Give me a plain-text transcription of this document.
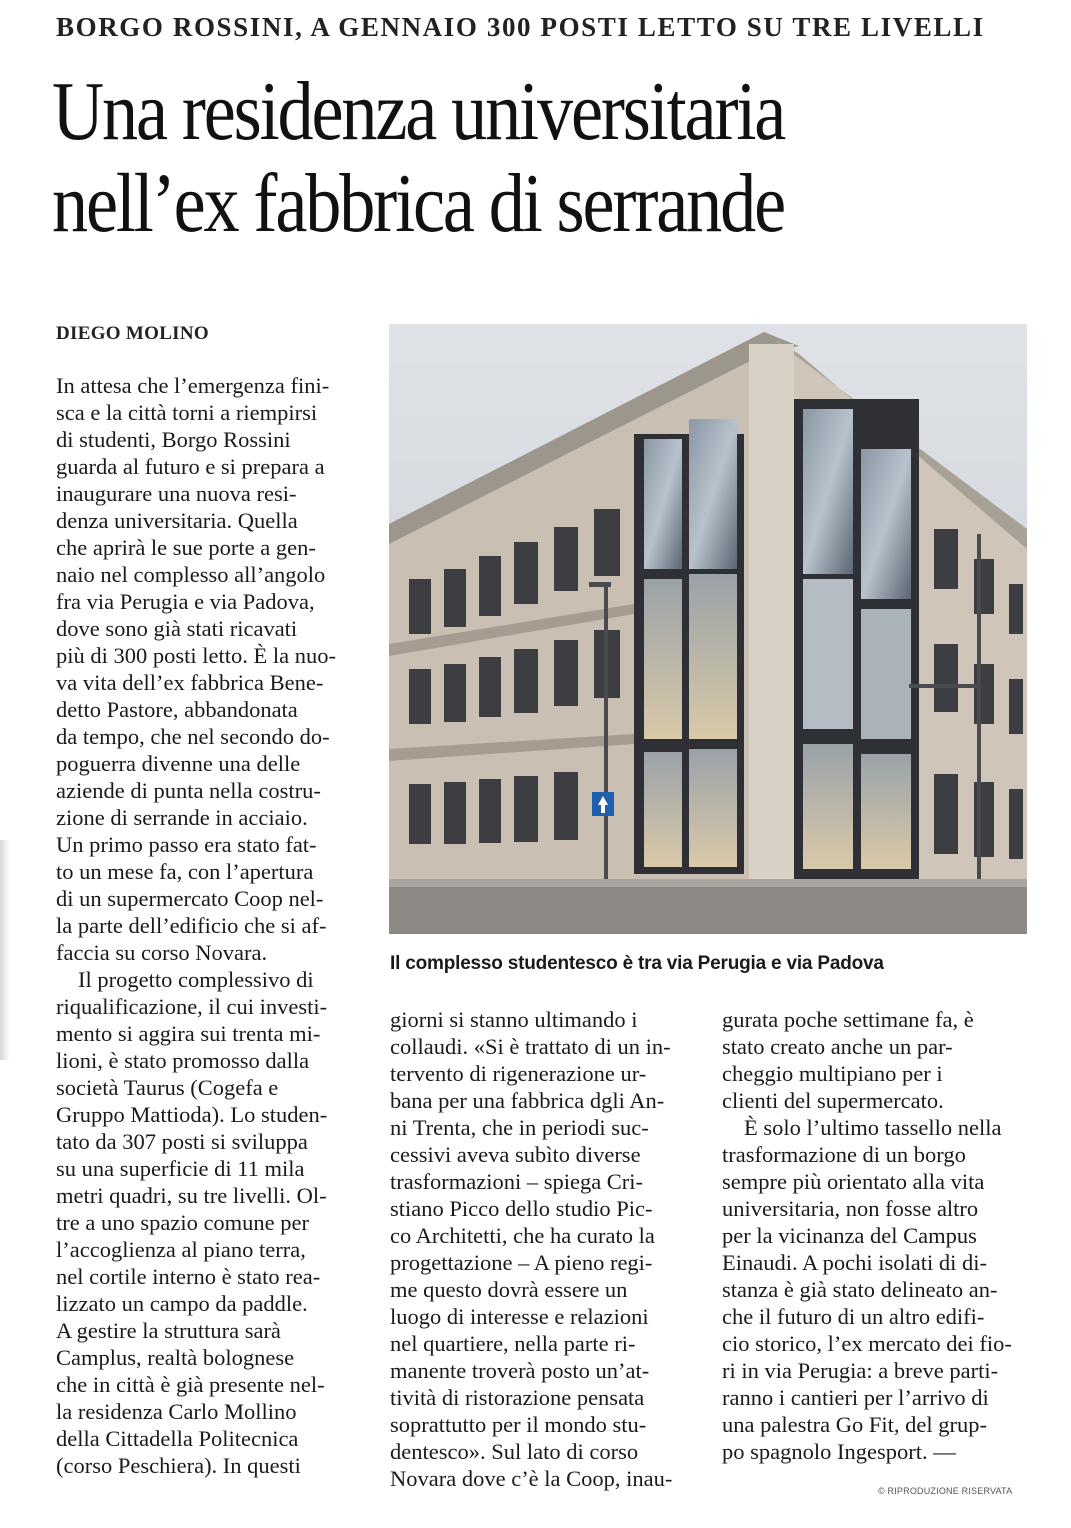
BORGO ROSSINI, A GENNAIO 300 POSTI LETTO SU TRE LIVELLI
Una residenza universitaria
nell’ex fabbrica di serrande
DIEGO MOLINO
In attesa che l’emergenza fini-
sca e la città torni a riempirsi
di studenti, Borgo Rossini
guarda al futuro e si prepara a
inaugurare una nuova resi-
denza universitaria. Quella
che aprirà le sue porte a gen-
naio nel complesso all’angolo
fra via Perugia e via Padova,
dove sono già stati ricavati
più di 300 posti letto. È la nuo-
va vita dell’ex fabbrica Bene-
detto Pastore, abbandonata
da tempo, che nel secondo do-
poguerra divenne una delle
aziende di punta nella costru-
zione di serrande in acciaio.
Un primo passo era stato fat-
to un mese fa, con l’apertura
di un supermercato Coop nel-
la parte dell’edificio che si af-
faccia su corso Novara.
Il progetto complessivo di
riqualificazione, il cui investi-
mento si aggira sui trenta mi-
lioni, è stato promosso dalla
società Taurus (Cogefa e
Gruppo Mattioda). Lo studen-
tato da 307 posti si sviluppa
su una superficie di 11 mila
metri quadri, su tre livelli. Ol-
tre a uno spazio comune per
l’accoglienza al piano terra,
nel cortile interno è stato rea-
lizzato un campo da paddle.
A gestire la struttura sarà
Camplus, realtà bolognese
che in città è già presente nel-
la residenza Carlo Mollino
della Cittadella Politecnica
(corso Peschiera). In questi
giorni si stanno ultimando i
collaudi. «Si è trattato di un in-
tervento di rigenerazione ur-
bana per una fabbrica dgli An-
ni Trenta, che in periodi suc-
cessivi aveva subìto diverse
trasformazioni – spiega Cri-
stiano Picco dello studio Pic-
co Architetti, che ha curato la
progettazione – A pieno regi-
me questo dovrà essere un
luogo di interesse e relazioni
nel quartiere, nella parte ri-
manente troverà posto un’at-
tività di ristorazione pensata
soprattutto per il mondo stu-
dentesco». Sul lato di corso
Novara dove c’è la Coop, inau-
gurata poche settimane fa, è
stato creato anche un par-
cheggio multipiano per i
clienti del supermercato.
È solo l’ultimo tassello nella
trasformazione di un borgo
sempre più orientato alla vita
universitaria, non fosse altro
per la vicinanza del Campus
Einaudi. A pochi isolati di di-
stanza è già stato delineato an-
che il futuro di un altro edifi-
cio storico, l’ex mercato dei fio-
ri in via Perugia: a breve parti-
ranno i cantieri per l’arrivo di
una palestra Go Fit, del grup-
po spagnolo Ingesport. —
Il complesso studentesco è tra via Perugia e via Padova
© RIPRODUZIONE RISERVATA
